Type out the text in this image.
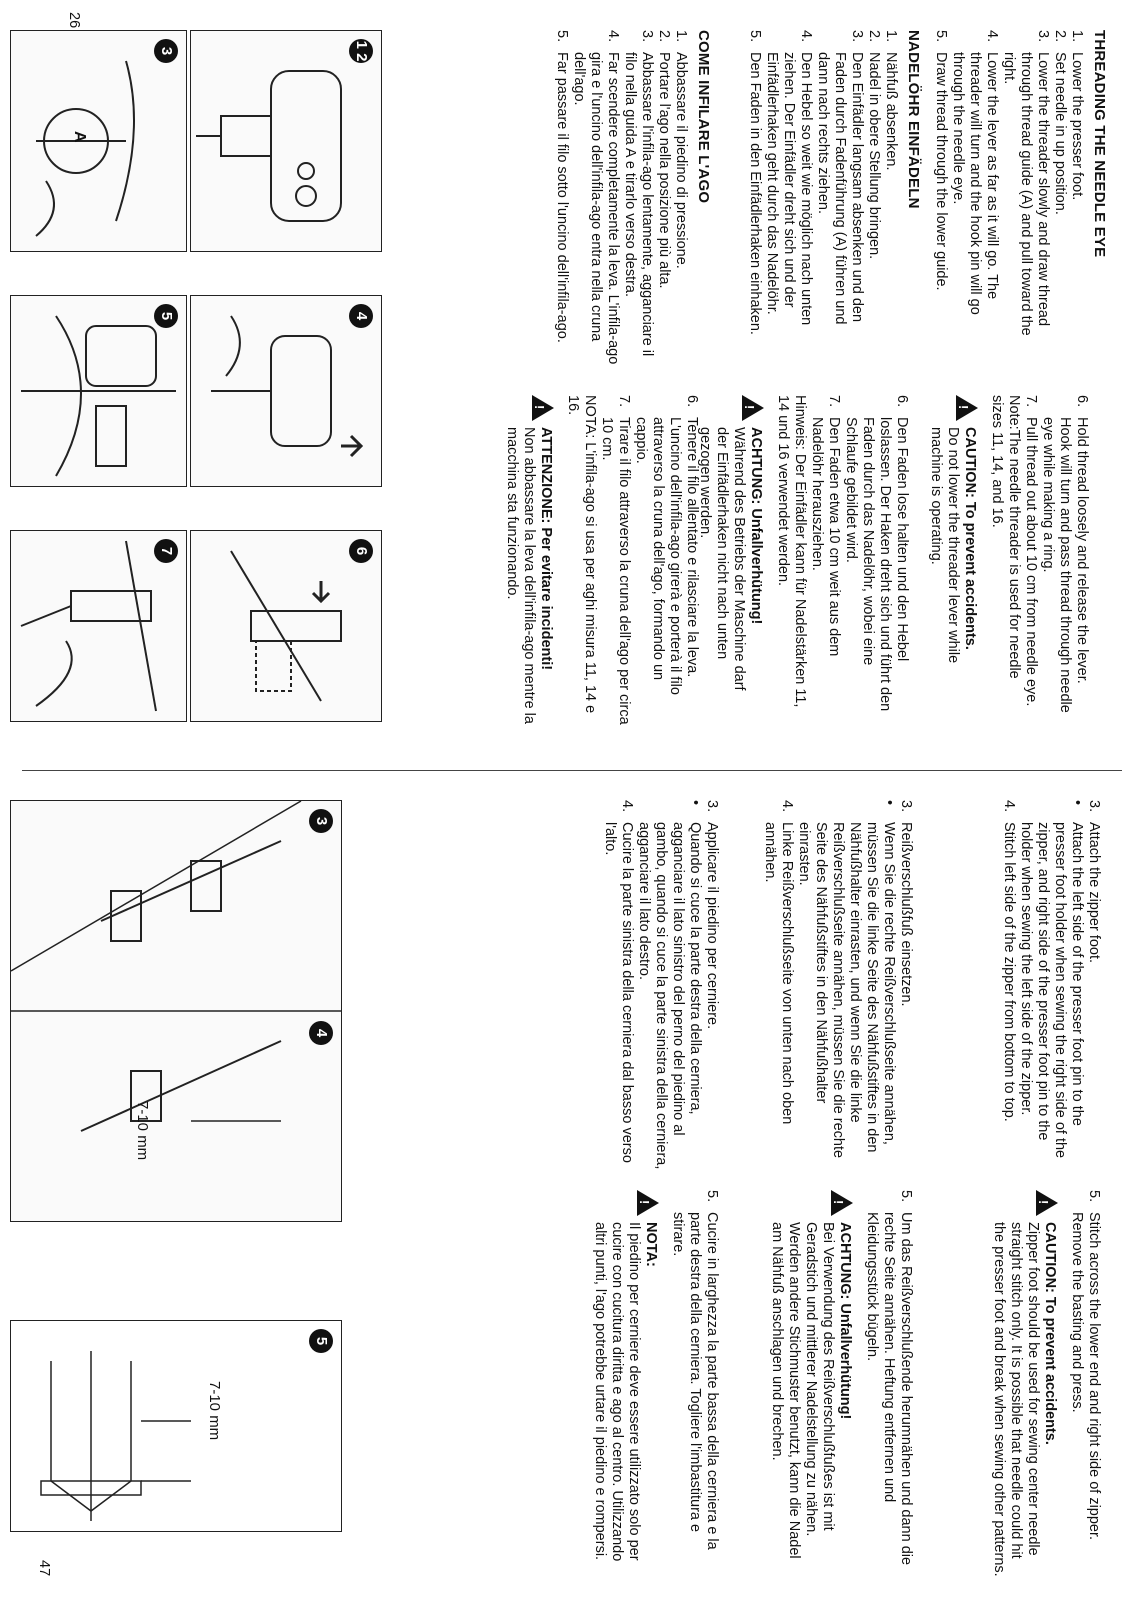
26
THREADING THE NEEDLE EYE
1.
Lower the presser foot.
2.
Set needle in up position.
3.
Lower the threader slowly and draw thread through thread guide (A) and pull toward the right.
4.
Lower the lever as far as it will go. The threader will turn and the hook pin will go through the needle eye.
5.
Draw thread through the lower guide.
6.
Hold thread loosely and release the lever. Hook will turn and pass thread through needle eye while making a ring.
7.
Pull thread out about 10 cm from needle eye.

Note:The needle threader is used for needle sizes 11, 14, and 16.

!
CAUTION: To prevent accidents.
Do not lower the threader lever while machine is operating.
NADELÖHR EINFÄDELN
1.
Nähfuß absenken.
2.
Nadel in obere Stellung bringen.
3.
Den Einfädler langsam absenken und den Faden durch Fadenführung (A) führen und dann nach rechts ziehen.
4.
Den Hebel so weit wie möglich nach unten ziehen. Der Einfädler dreht sich und der Einfädlerhaken geht durch das Nadelöhr.
5.
Den Faden in den Einfädlerhaken einhaken.
6.
Den Faden lose halten und den Hebel loslassen. Der Haken dreht sich und führt den Faden durch das Nadelöhr, wobei eine Schlaufe gebildet wird.
7.
Den Faden etwa 10 cm weit aus dem Nadelöhr herausziehen.

Hinweis: Der Einfädler kann für Nadelstärken 11, 14 und 16 verwendet werden.

!
ACHTUNG: Unfallverhütung!
Während des Betriebs der Maschine darf der Einfädlerhaken nicht nach unten gezogen werden.
COME INFILARE L'AGO
1.
Abbassare il piedino di pressione.
2.
Portare l'ago nella posizione più alta.
3.
Abbassare l'infila-ago lentamente, agganciare il filo nella guida A e tirarlo verso destra.
4.
Far scendere completamente la leva. L'infila-ago gira e l'uncino dell'infila-ago entra nella cruna dell'ago.
5.
Far passare il filo sotto l'uncino dell'infila-ago.
6.
Tenere il filo allentato e rilasciare la leva. L'uncino dell'infila-ago girerà e porterà il filo attraverso la cruna dell'ago, formando un cappio.
7.
Tirare il filo attraverso la cruna dell'ago per circa 10 cm.

NOTA: L'infila-ago si usa per aghi misura 11, 14 e 16.

!
ATTENZIONE: Per evitare incidenti!
Non abbassare la leva dell'infila-ago mentre la macchina sta funzionando.
1 2
3
A
4
5
6
7
3.
Attach the zipper foot.
•
Attach the left side of the presser foot pin to the presser foot holder when sewing the right side of the zipper, and right side of the presser foot pin to the holder when sewing the left side of the zipper.
4.
Stitch left side of the zipper from bottom to top.
5.
Stitch across the lower end and right side of zipper. Remove the basting and press.
!
CAUTION: To prevent accidents.
Zipper foot should be used for sewing center needle straight stitch only. It is possible that needle could hit the presser foot and break when sewing other patterns.
3.
Reißverschlußfuß einsetzen.
•
Wenn Sie die rechte Reißverschlußseite annähen, müssen Sie die linke Seite des Nähfußstiftes in den Nähfußhalter einrasten, und wenn Sie die linke Reißverschlußseite annähen, müssen Sie die rechte Seite des Nähfußstiftes in den Nähfußhalter einrasten.
4.
Linke Reißverschlußseite von unten nach oben annähen.
5.
Um das Reißverschlußende herumnähen und dann die rechte Seite annähen. Heftung entfernen und Kleidungsstück bügeln.
!
ACHTUNG: Unfallverhütung!
Bei Verwendung des Reißverschlußfußes ist mit Geradstich und mittlerer Nadelstellung zu nähen. Werden andere Stichmuster benutzt, kann die Nadel am Nähfuß anschlagen und brechen.
3.
Applicare il piedino per cerniere.
•
Quando si cuce la parte destra della cerniera, agganciare il lato sinistro del perno del piedino al gambo, quando si cuce la parte sinistra della cerniera, agganciare il lato destro.
4.
Cucire la parte sinistra della cerniera dal basso verso l'alto.
5.
Cucire in larghezza la parte bassa della cerniera e la parte destra della cerniera. Togliere l'imbastitura e stirare.
!
NOTA:
Il piedino per cerniere deve essere utilizzato solo per cucire con cucitura diritta e ago al centro. Utilizzando altri punti, l'ago potrebbe urtare il piedino e rompersi.
3
4
7-10 mm
5
7-10 mm
47
